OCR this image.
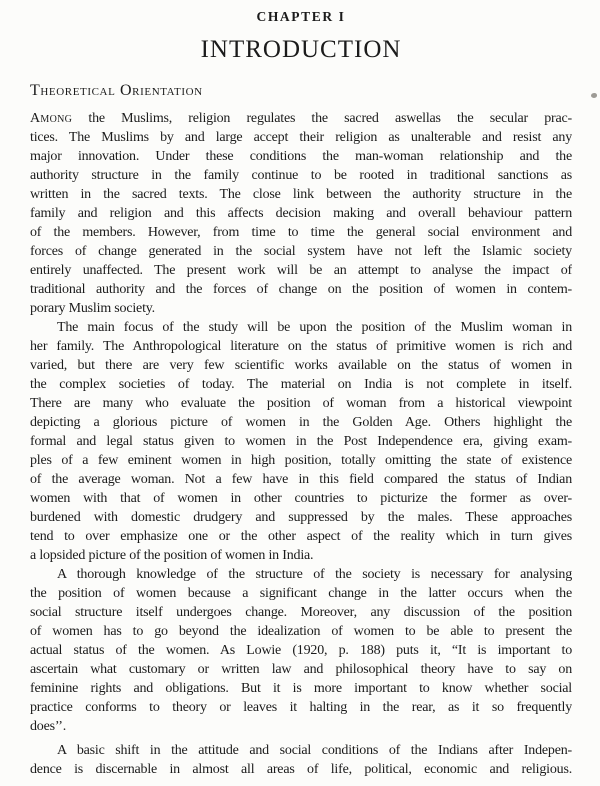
CHAPTER I
INTRODUCTION
Theoretical Orientation
Among the Muslims, religion regulates the sacred aswellas the secular prac-
tices. The Muslims by and large accept their religion as unalterable and resist any
major innovation. Under these conditions the man-woman relationship and the
authority structure in the family continue to be rooted in traditional sanctions as
written in the sacred texts. The close link between the authority structure in the
family and religion and this affects decision making and overall behaviour pattern
of the members. However, from time to time the general social environment and
forces of change generated in the social system have not left the Islamic society
entirely unaffected. The present work will be an attempt to analyse the impact of
traditional authority and the forces of change on the position of women in contem-
porary Muslim society.
The main focus of the study will be upon the position of the Muslim woman in
her family. The Anthropological literature on the status of primitive women is rich and
varied, but there are very few scientific works available on the status of women in
the complex societies of today. The material on India is not complete in itself.
There are many who evaluate the position of woman from a historical viewpoint
depicting a glorious picture of women in the Golden Age. Others highlight the
formal and legal status given to women in the Post Independence era, giving exam-
ples of a few eminent women in high position, totally omitting the state of existence
of the average woman. Not a few have in this field compared the status of Indian
women with that of women in other countries to picturize the former as over-
burdened with domestic drudgery and suppressed by the males. These approaches
tend to over emphasize one or the other aspect of the reality which in turn gives
a lopsided picture of the position of women in India.
A thorough knowledge of the structure of the society is necessary for analysing
the position of women because a significant change in the latter occurs when the
social structure itself undergoes change. Moreover, any discussion of the position
of women has to go beyond the idealization of women to be able to present the
actual status of the women. As Lowie (1920, p. 188) puts it, “It is important to
ascertain what customary or written law and philosophical theory have to say on
feminine rights and obligations. But it is more important to know whether social
practice conforms to theory or leaves it halting in the rear, as it so frequently
does’’.
A basic shift in the attitude and social conditions of the Indians after Indepen-
dence is discernable in almost all areas of life, political, economic and religious.
